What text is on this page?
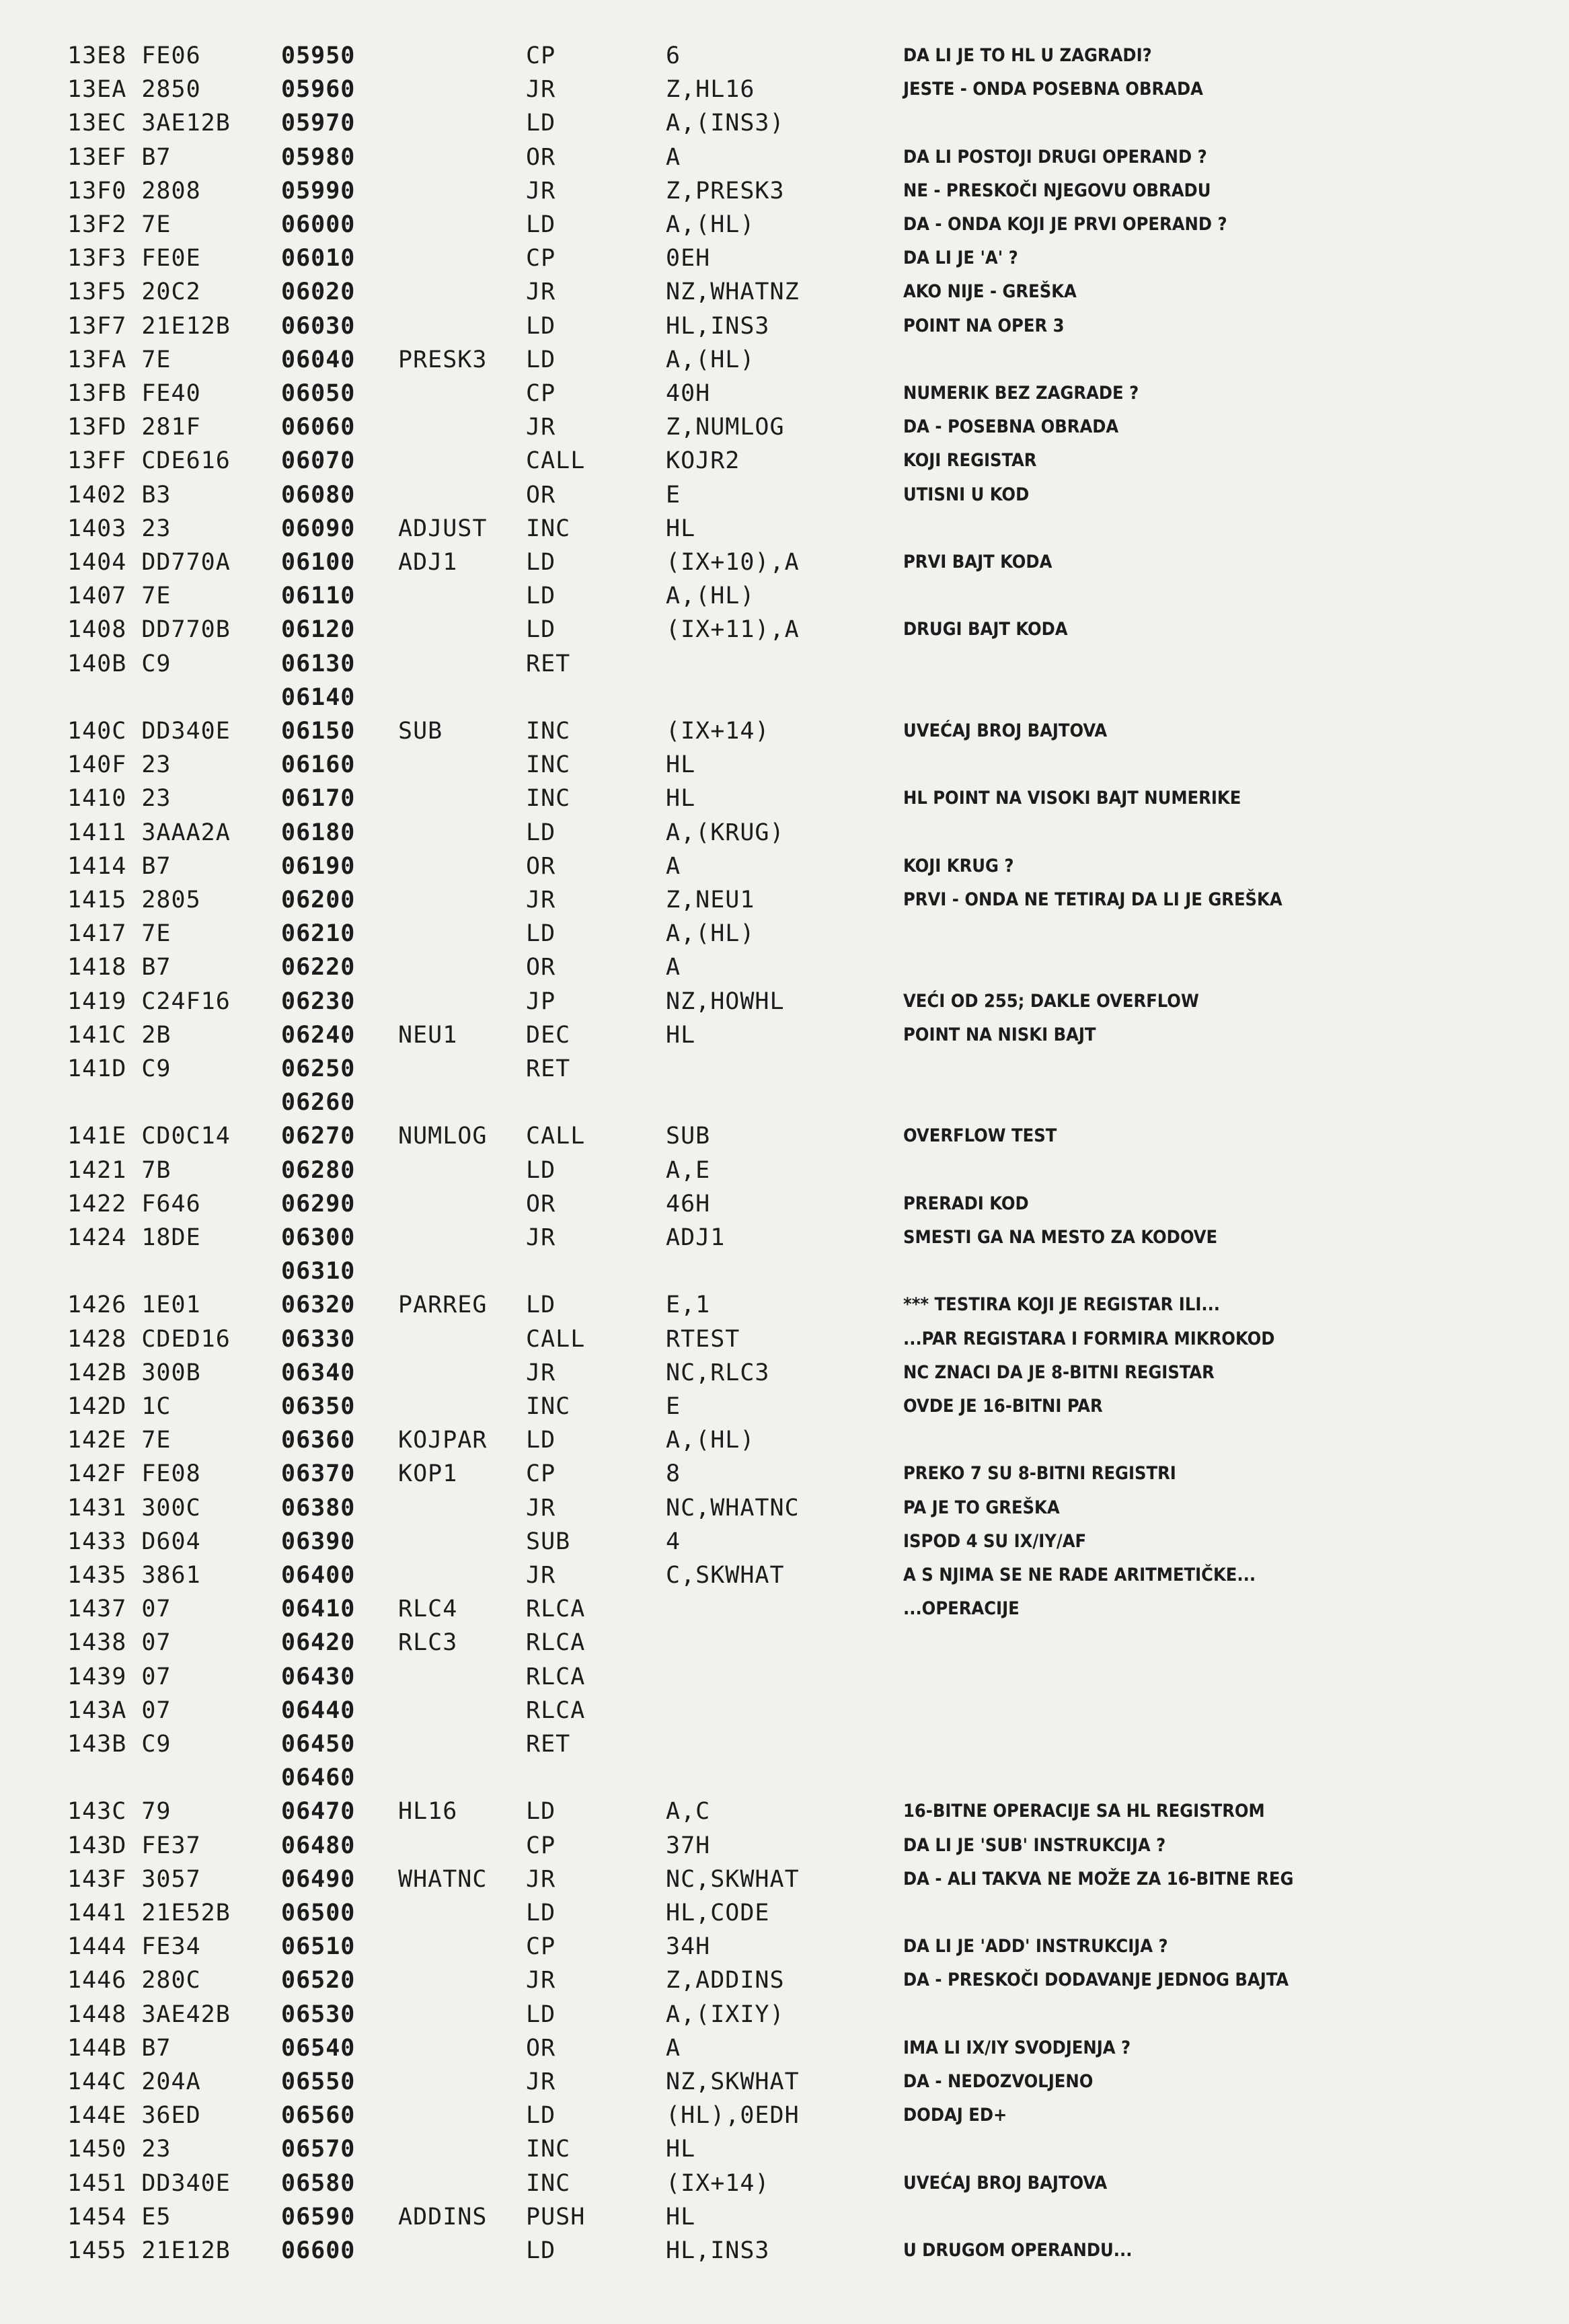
13E8 FE06	05950	CP	6	DA LI JE TO HL U ZAGRADI?
13EA 2850	05960	JR	Z,HL16	JESTE - ONDA POSEBNA OBRADA
13EC 3AE12B 05970	LD	A,(INS3)
13EF B7	05980	OR	A	DA LI POSTOJI DRUGI OPERAND ?
13F0 2808	05990	JR	Z,PRESK3	NE - PRESKOČI NJEGOVU OBRADU
13F2 7E	06000	LD	A,(HL)	DA - ONDA KOJI JE PRVI OPERAND ?
13F3 FE0E	06010	CP	0EH	DA LI JE 'A' ?
13F5 20C2	06020	JR	NZ,WHATNZ	AKO NIJE - GREŠKA
13F7 21E12B 06030	LD	HL,INS3	POINT NA OPER 3
13FA 7E	06040 PRESK3 LD	A,(HL)
13FB FE40	06050	CP	40H	NUMERIK BEZ ZAGRADE ?
13FD 281F	06060	JR	Z,NUMLOG	DA - POSEBNA OBRADA
13FF CDE616 06070	CALL	KOJR2	KOJI REGISTAR
1402 B3	06080	OR	E	UTISNI U KOD
1403 23	06090 ADJUST INC	HL
1404 DD770A 06100 ADJ1	LD	(IX+10),A	PRVI BAJT KODA
1407 7E	06110	LD	A,(HL)
1408 DD770B 06120	LD	(IX+11),A	DRUGI BAJT KODA
140B C9	06130	RET
06140
140C DD340E 06150 SUB	INC	(IX+14)	UVEĆAJ BROJ BAJTOVA
140F 23	06160	INC	HL
1410 23	06170	INC	HL	HL POINT NA VISOKI BAJT NUMERIKE
1411 3AAA2A 06180	LD	A,(KRUG)
1414 B7	06190	OR	A	KOJI KRUG ?
1415 2805	06200	JR	Z,NEU1	PRVI - ONDA NE TETIRAJ DA LI JE GREŠKA
1417 7E	06210	LD	A,(HL)
1418 B7	06220	OR	A
1419 C24F16 06230	JP	NZ,HOWHL	VEĆI OD 255; DAKLE OVERFLOW
141C 2B	06240 NEU1	DEC	HL	POINT NA NISKI BAJT
141D C9	06250	RET
06260
141E CD0C14 06270 NUMLOG CALL	SUB	OVERFLOW TEST
1421 7B	06280	LD	A,E
1422 F646	06290	OR	46H	PRERADI KOD
1424 18DE	06300	JR	ADJ1	SMESTI GA NA MESTO ZA KODOVE
06310
1426 1E01	06320 PARREG LD	E,1	*** TESTIRA KOJI JE REGISTAR ILI...
1428 CDED16 06330	CALL	RTEST	...PAR REGISTARA I FORMIRA MIKROKOD
142B 300B	06340	JR	NC,RLC3	NC ZNACI DA JE 8-BITNI REGISTAR
142D 1C	06350	INC	E	OVDE JE 16-BITNI PAR
142E 7E	06360 KOJPAR LD	A,(HL)
142F FE08	06370 KOP1	CP	8	PREKO 7 SU 8-BITNI REGISTRI
1431 300C	06380	JR	NC,WHATNC	PA JE TO GREŠKA
1433 D604	06390	SUB	4	ISPOD 4 SU IX/IY/AF
1435 3861	06400	JR	C,SKWHAT	A S NJIMA SE NE RADE ARITMETIČKE...
1437 07	06410 RLC4	RLCA	...OPERACIJE
1438 07	06420 RLC3	RLCA
1439 07	06430	RLCA
143A 07	06440	RLCA
143B C9	06450	RET
06460
143C 79	06470 HL16	LD	A,C	16-BITNE OPERACIJE SA HL REGISTROM
143D FE37	06480	CP	37H	DA LI JE 'SUB' INSTRUKCIJA ?
143F 3057	06490 WHATNC JR	NC,SKWHAT	DA - ALI TAKVA NE MOŽE ZA 16-BITNE REG
1441 21E52B 06500	LD	HL,CODE
1444 FE34	06510	CP	34H	DA LI JE 'ADD' INSTRUKCIJA ?
1446 280C	06520	JR	Z,ADDINS	DA - PRESKOČI DODAVANJE JEDNOG BAJTA
1448 3AE42B 06530	LD	A,(IXIY)
144B B7	06540	OR	A	IMA LI IX/IY SVODJENJA ?
144C 204A	06550	JR	NZ,SKWHAT	DA - NEDOZVOLJENO
144E 36ED	06560	LD	(HL),0EDH	DODAJ ED+
1450 23	06570	INC	HL
1451 DD340E 06580	INC	(IX+14)	UVEĆAJ BROJ BAJTOVA
1454 E5	06590 ADDINS PUSH	HL
1455 21E12B 06600	LD	HL,INS3	U DRUGOM OPERANDU...
